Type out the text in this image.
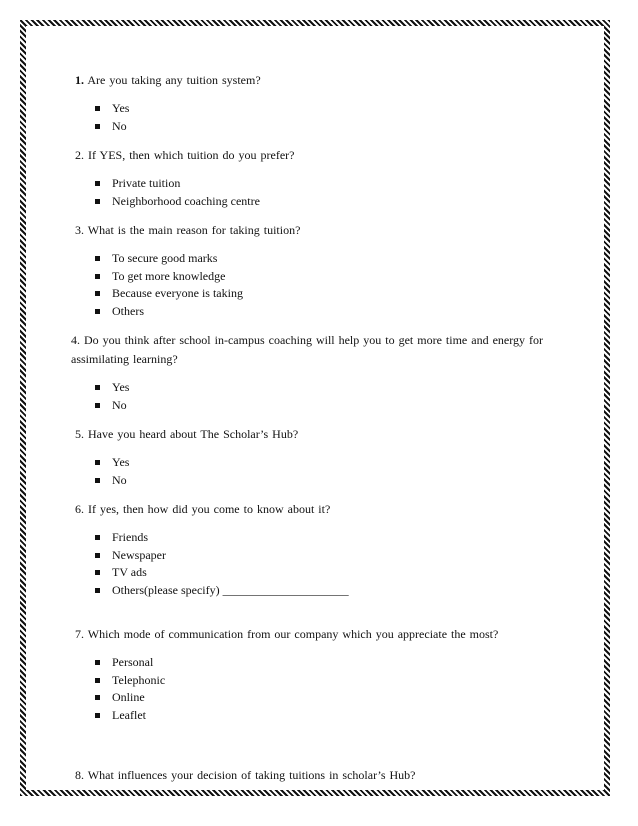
1. Are you taking any tuition system?

Yes
No

2. If YES, then which tuition do you prefer?

Private tuition
Neighborhood coaching centre

3. What is the main reason for taking tuition?

To secure good marks
To get more knowledge
Because everyone is taking
Others

4. Do you think after school in-campus coaching will help you to get more time and energy for
assimilating learning?

Yes
No

5. Have you heard about The Scholar’s Hub?

Yes
No

6. If yes, then how did you come to know about it?

Friends
Newspaper
TV ads
Others(please specify) _____________________

7. Which mode of communication from our company which you appreciate the most?

Personal
Telephonic
Online
Leaflet

8. What influences your decision of taking tuitions in scholar’s Hub?
